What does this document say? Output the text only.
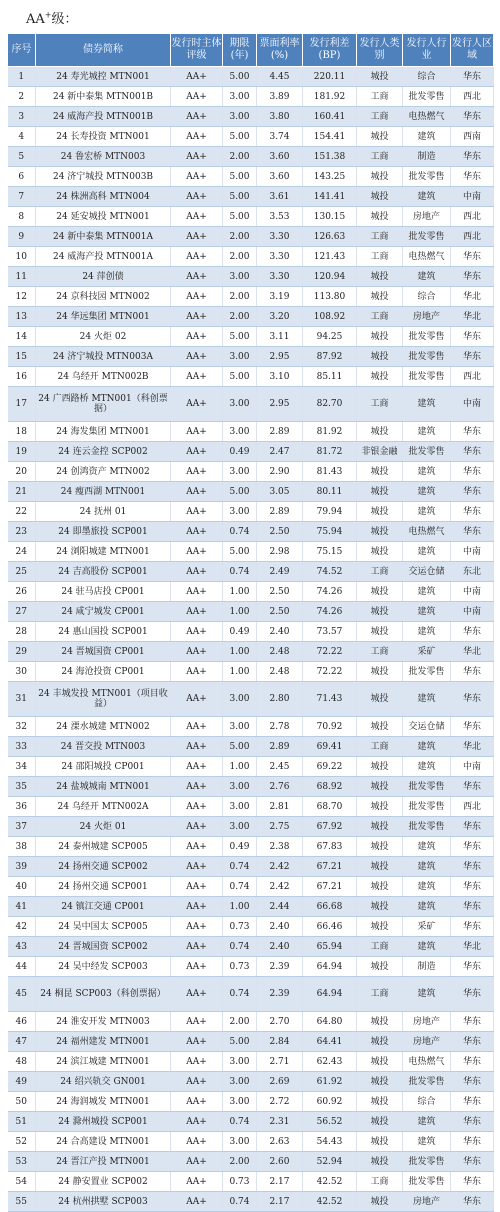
AA+级：
序号	债券简称	发行时主体评级	期限(年)	票面利率(%)	发行利差(BP)	发行人类别	发行人行业	发行人区域
1	24 寿光城控 MTN001	AA+	5.00	4.45	220.11	城投	综合	华东
2	24 新中泰集 MTN001B	AA+	3.00	3.89	181.92	工商	批发零售	西北
3	24 威海产投 MTN001B	AA+	3.00	3.80	160.41	工商	电热燃气	华东
4	24 长寿投资 MTN001	AA+	5.00	3.74	154.41	城投	建筑	西南
5	24 鲁宏桥 MTN003	AA+	2.00	3.60	151.38	工商	制造	华东
6	24 济宁城投 MTN003B	AA+	5.00	3.60	143.25	城投	批发零售	华东
7	24 株洲高科 MTN004	AA+	5.00	3.61	141.41	城投	建筑	中南
8	24 延安城投 MTN001	AA+	5.00	3.53	130.15	城投	房地产	西北
9	24 新中泰集 MTN001A	AA+	2.00	3.30	126.63	工商	批发零售	西北
10	24 威海产投 MTN001A	AA+	2.00	3.30	121.43	工商	电热燃气	华东
11	24 萍创债	AA+	3.00	3.30	120.94	城投	建筑	华东
12	24 京科技园 MTN002	AA+	2.00	3.19	113.80	城投	综合	华北
13	24 华远集团 MTN001	AA+	2.00	3.20	108.92	工商	房地产	华北
14	24 火炬 02	AA+	5.00	3.11	94.25	城投	批发零售	华东
15	24 济宁城投 MTN003A	AA+	3.00	2.95	87.92	城投	批发零售	华东
16	24 乌经开 MTN002B	AA+	5.00	3.10	85.11	城投	批发零售	西北
17	24 广西路桥 MTN001（科创票据）	AA+	3.00	2.95	82.70	工商	建筑	中南
18	24 海发集团 MTN001	AA+	3.00	2.89	81.92	城投	建筑	华东
19	24 连云金控 SCP002	AA+	0.49	2.47	81.72	非银金融	批发零售	华东
20	24 创鸿资产 MTN002	AA+	3.00	2.90	81.43	城投	建筑	华东
21	24 瘦西湖 MTN001	AA+	5.00	3.05	80.11	城投	建筑	华东
22	24 抚州 01	AA+	3.00	2.89	79.94	城投	建筑	华东
23	24 即墨旅投 SCP001	AA+	0.74	2.50	75.94	城投	电热燃气	华东
24	24 浏阳城建 MTN001	AA+	5.00	2.98	75.15	城投	建筑	中南
25	24 吉高股份 SCP001	AA+	0.74	2.49	74.52	工商	交运仓储	东北
26	24 驻马店投 CP001	AA+	1.00	2.50	74.26	城投	建筑	中南
27	24 咸宁城发 CP001	AA+	1.00	2.50	74.26	城投	建筑	中南
28	24 惠山国投 SCP001	AA+	0.49	2.40	73.57	城投	建筑	华东
29	24 晋城国资 CP001	AA+	1.00	2.48	72.22	工商	采矿	华北
30	24 海沧投资 CP001	AA+	1.00	2.48	72.22	城投	批发零售	华东
31	24 丰城发投 MTN001（项目收益）	AA+	3.00	2.80	71.43	城投	建筑	华东
32	24 溧水城建 MTN002	AA+	3.00	2.78	70.92	城投	交运仓储	华东
33	24 晋交投 MTN003	AA+	5.00	2.89	69.41	工商	建筑	华北
34	24 邵阳城投 CP001	AA+	1.00	2.45	69.22	城投	建筑	中南
35	24 盐城城南 MTN001	AA+	3.00	2.76	68.92	城投	批发零售	华东
36	24 乌经开 MTN002A	AA+	3.00	2.81	68.70	城投	批发零售	西北
37	24 火炬 01	AA+	3.00	2.75	67.92	城投	批发零售	华东
38	24 泰州城建 SCP005	AA+	0.49	2.38	67.83	城投	建筑	华东
39	24 扬州交通 SCP002	AA+	0.74	2.42	67.21	城投	建筑	华东
40	24 扬州交通 SCP001	AA+	0.74	2.42	67.21	城投	建筑	华东
41	24 镇江交通 CP001	AA+	1.00	2.44	66.68	城投	建筑	华东
42	24 吴中国太 SCP005	AA+	0.73	2.40	66.46	城投	采矿	华东
43	24 晋城国资 SCP002	AA+	0.74	2.40	65.94	工商	建筑	华北
44	24 吴中经发 SCP003	AA+	0.73	2.39	64.94	城投	制造	华东
45	24 桐昆 SCP003（科创票据）	AA+	0.74	2.39	64.94	工商	建筑	华东
46	24 淮安开发 MTN003	AA+	2.00	2.70	64.80	城投	房地产	华东
47	24 福州建发 MTN001	AA+	5.00	2.84	64.41	城投	房地产	华东
48	24 滨江城建 MTN001	AA+	3.00	2.71	62.43	城投	电热燃气	华东
49	24 绍兴轨交 GN001	AA+	3.00	2.69	61.92	城投	批发零售	华东
50	24 海润城发 MTN001	AA+	3.00	2.72	60.92	城投	综合	华东
51	24 滁州城投 SCP001	AA+	0.74	2.31	56.52	城投	建筑	华东
52	24 合高建设 MTN001	AA+	3.00	2.63	54.43	城投	建筑	华东
53	24 晋江产投 MTN001	AA+	2.00	2.60	52.94	城投	批发零售	华东
54	24 静安置业 SCP002	AA+	0.73	2.17	42.52	工商	批发零售	华东
55	24 杭州拱墅 SCP003	AA+	0.74	2.17	42.52	城投	房地产	华东
